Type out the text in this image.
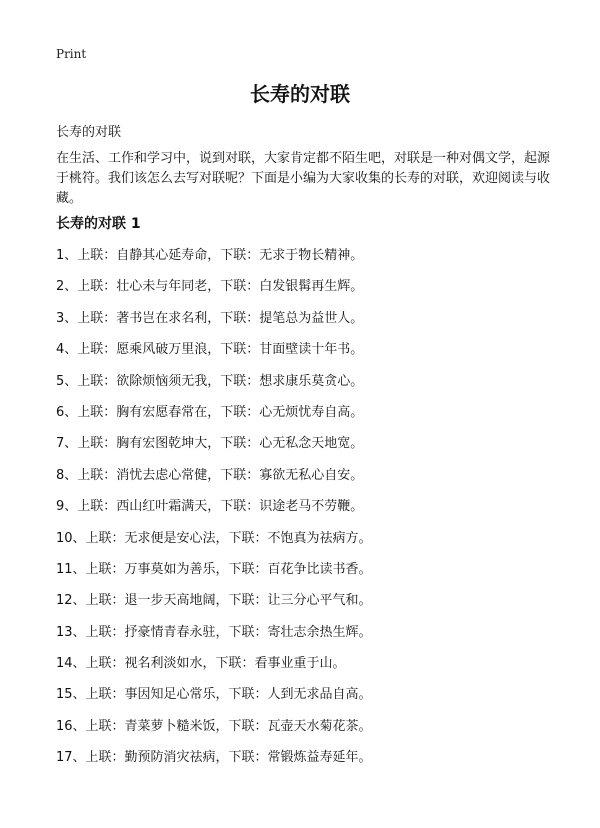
Print
长寿的对联
长寿的对联

在生活、工作和学习中，说到对联，大家肯定都不陌生吧，对联是一种对偶文学，起源于桃符。我们该怎么去写对联呢？下面是小编为大家收集的长寿的对联，欢迎阅读与收藏。

长寿的对联 1
1、上联：自静其心延寿命，下联：无求于物长精神。
2、上联：壮心未与年同老，下联：白发银髯再生辉。
3、上联：著书岂在求名利，下联：提笔总为益世人。
4、上联：愿乘风破万里浪，下联：甘面壁读十年书。
5、上联：欲除烦恼须无我，下联：想求康乐莫贪心。
6、上联：胸有宏愿春常在，下联：心无烦忧寿自高。
7、上联：胸有宏图乾坤大，下联：心无私念天地宽。
8、上联：消忧去虑心常健，下联：寡欲无私心自安。
9、上联：西山红叶霜满天，下联：识途老马不劳鞭。
10、上联：无求便是安心法，下联：不饱真为祛病方。
11、上联：万事莫如为善乐，下联：百花争比读书香。
12、上联：退一步天高地阔，下联：让三分心平气和。
13、上联：抒豪情青春永驻，下联：寄壮志余热生辉。
14、上联：视名利淡如水，下联：看事业重于山。
15、上联：事因知足心常乐，下联：人到无求品自高。
16、上联：青菜萝卜糙米饭，下联：瓦壶天水菊花茶。
17、上联：勤预防消灾祛病，下联：常锻炼益寿延年。
